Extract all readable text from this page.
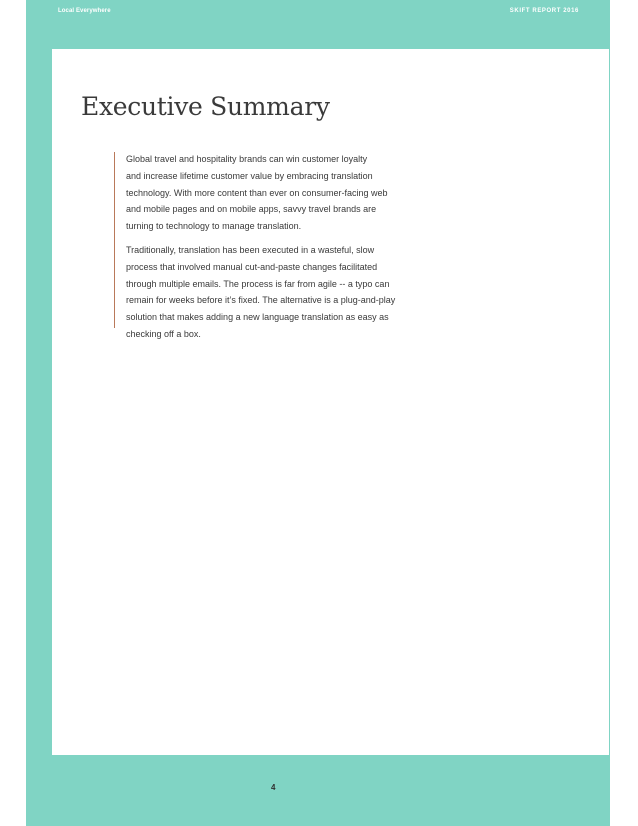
Local Everywhere	SKIFT REPORT 2016
Executive Summary

Global travel and hospitality brands can win customer loyalty
and increase lifetime customer value by embracing translation
technology. With more content than ever on consumer-facing web
and mobile pages and on mobile apps, savvy travel brands are
turning to technology to manage translation.

Traditionally, translation has been executed in a wasteful, slow
process that involved manual cut-and-paste changes facilitated
through multiple emails. The process is far from agile -- a typo can
remain for weeks before it’s fixed. The alternative is a plug-and-play
solution that makes adding a new language translation as easy as
checking off a box.

4
